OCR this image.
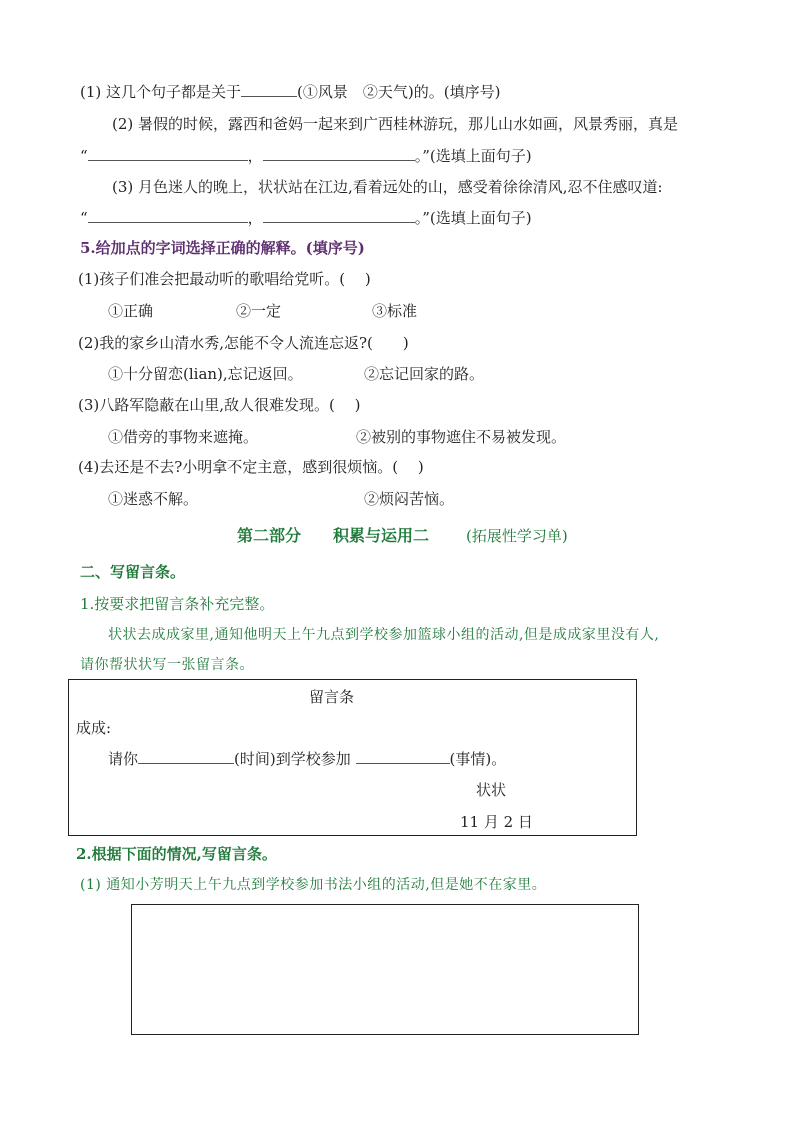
(1) 这几个句子都是关于	(①风景　②天气)的。(填序号)
(2) 暑假的时候，露西和爸妈一起来到广西桂林游玩，那儿山水如画，风景秀丽，真是
“	，	。”(选填上面句子)
(3) 月色迷人的晚上，状状站在江边,看着远处的山，感受着徐徐清风,忍不住感叹道:
“	，	。”(选填上面句子)
5.给加点的字词选择正确的解释。(填序号)
(1)孩子们准会把最动听的歌唱给党听。(　 )
①正确	②一定	③标准
(2)我的家乡山清水秀,怎能不令人流连忘返?(　　)
①十分留恋(lian),忘记返回。	②忘记回家的路。
(3)八路军隐蔽在山里,敌人很难发现。(　 )
①借旁的事物来遮掩。	②被别的事物遮住不易被发现。
(4)去还是不去?小明拿不定主意，感到很烦恼。(　 )
①迷惑不解。	②烦闷苦恼。
第二部分　　积累与运用二 (拓展性学习单)
二、写留言条。
1.按要求把留言条补充完整。
状状去成成家里,通知他明天上午九点到学校参加篮球小组的活动,但是成成家里没有人,
请你帮状状写一张留言条。
留言条
成成:
请你	(时间)到学校参加	(事情)。
状状
11 月 2 日
2.根据下面的情况,写留言条。
(1) 通知小芳明天上午九点到学校参加书法小组的活动,但是她不在家里。
